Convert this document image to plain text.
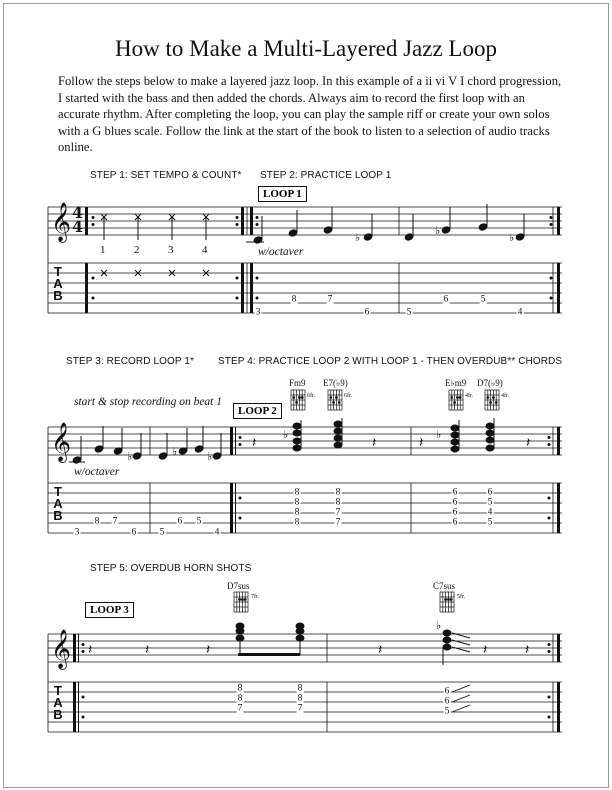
How to Make a Multi-Layered Jazz Loop

Follow the steps below to make a layered jazz loop. In this example of a ii vi V I chord progression, I started with the bass and then added the chords. Always aim to record the first loop with an accurate rhythm. After completing the loop, you can play the sample riff or create your own solos with a G blues scale. Follow the link at the start of the book to listen to a selection of audio tracks online.

STEP 1: SET TEMPO & COUNT* STEP 2: PRACTICE LOOP 1
LOOP 1
𝄞	♭
♭
♭
4
4
T
A
B
1	2	3	4	w/octaver
3
8	7
6	5
6	5
4
STEP 3: RECORD LOOP 1* STEP 4: PRACTICE LOOP 2 WITH LOOP 1 - THEN OVERDUB** CHORDS
start & stop recording on beat 1
LOOP 2
Fm9 E7(♭9)	E♭m9 D7(♭9)
6fr.	6fr.	4fr.	4fr.
𝄞	♭	♭	♭
♭	♭
𝄽	𝄽	𝄽	𝄽
w/octaver
T
A
B
3
8 7
6 5
6 5
4
8
8
8
8
8
8
7
7
6
6
6
6
6
5
4
5
STEP 5: OVERDUB HORN SHOTS
LOOP 3
D7sus	C7sus
7fr.	5fr.
𝄞 𝄽	𝄽	𝄽	𝄽	𝄽	𝄽
♭
T
A
B
8
8
7
8
8
7
6
6
5
